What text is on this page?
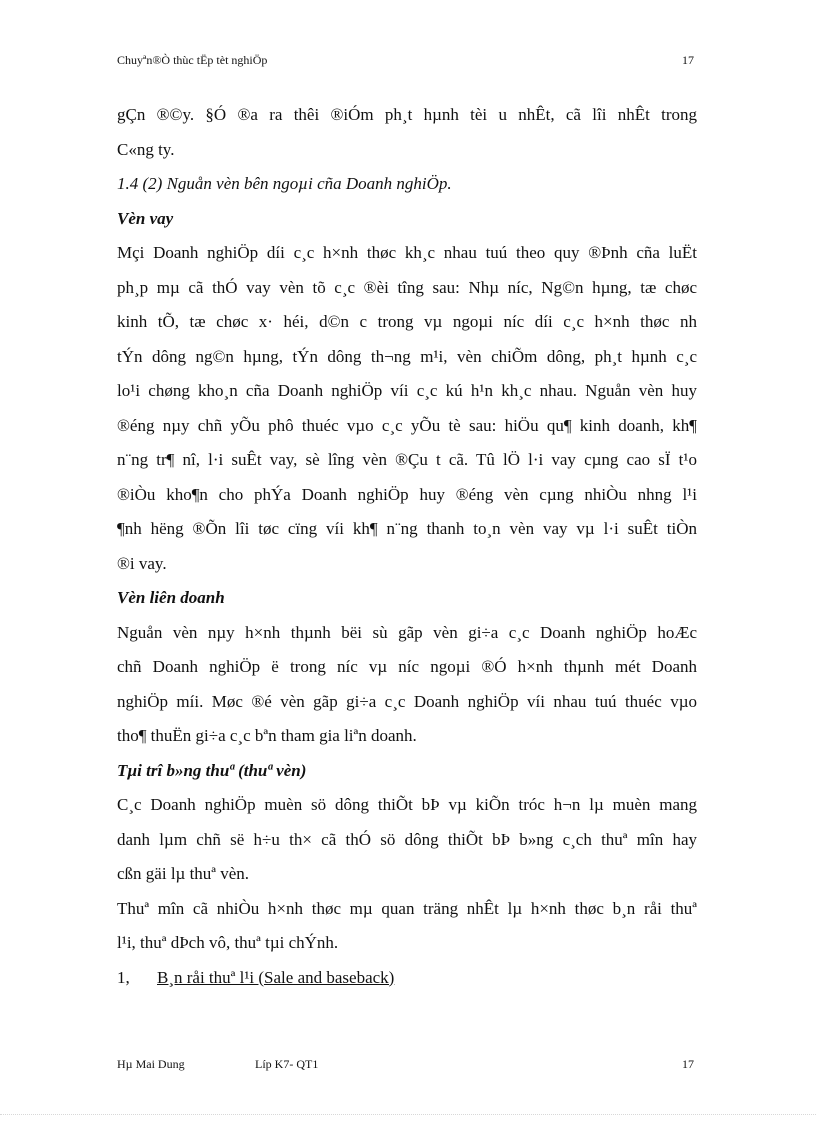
Chuyªn®Ò thùc tËp tèt nghiÖp	17
gÇn ®©y. §Ó ®a ra thêi ®iÓm ph¸t hµnh tèi u nhÊt, cã lîi nhÊt trong
C«ng ty.
1.4 (2) Nguån vèn bên ngoµi cña Doanh nghiÖp.
Vèn vay
Mçi Doanh nghiÖp díi c¸c h×nh thøc kh¸c nhau tuú theo quy ®Þnh cña luËt
ph¸p mµ cã thÓ vay vèn tõ c¸c ®èi tîng sau: Nhµ níc, Ng©n hµng, tæ chøc
kinh tÕ, tæ chøc x· héi, d©n c trong vµ ngoµi níc díi c¸c h×nh thøc nh
tÝn dông ng©n hµng, tÝn dông th¬ng m¹i, vèn chiÕm dông, ph¸t hµnh c¸c
lo¹i chøng kho¸n cña Doanh nghiÖp víi c¸c kú h¹n kh¸c nhau. Nguån vèn huy
®éng nµy chñ yÕu phô thuéc vµo c¸c yÕu tè sau: hiÖu qu¶ kinh doanh, kh¶
n¨ng tr¶ nî, l·i suÊt vay, sè lîng vèn ®Çu t cã. Tû lÖ l·i vay cµng cao sÏ t¹o
®iÒu kho¶n cho phÝa Doanh nghiÖp huy ®éng vèn cµng nhiÒu nhng l¹i
¶nh hëng ®Õn lîi tøc cïng víi kh¶ n¨ng thanh to¸n vèn vay vµ l·i suÊt tiÒn
®i vay.
Vèn liên doanh
Nguån vèn nµy h×nh thµnh bëi sù gãp vèn gi÷a c¸c Doanh nghiÖp hoÆc
chñ Doanh nghiÖp ë trong níc vµ níc ngoµi ®Ó h×nh thµnh mét Doanh
nghiÖp míi. Møc ®é vèn gãp gi÷a c¸c Doanh nghiÖp víi nhau tuú thuéc vµo
tho¶ thuËn gi÷a c¸c bªn tham gia liªn doanh.
Tµi trî b»ng thuª (thuª vèn)
C¸c Doanh nghiÖp muèn sö dông thiÕt bÞ vµ kiÕn tróc h¬n lµ muèn mang
danh lµm chñ së h÷u th× cã thÓ sö dông thiÕt bÞ b»ng c¸ch thuª mîn hay
cßn gäi lµ thuª vèn.
Thuª mîn cã nhiÒu h×nh thøc mµ quan träng nhÊt lµ h×nh thøc b¸n råi thuª
l¹i, thuª dÞch vô, thuª tµi chÝnh.
1, B¸n råi thuª l¹i (Sale and baseback)
Hµ Mai Dung	Líp K7- QT1	17
